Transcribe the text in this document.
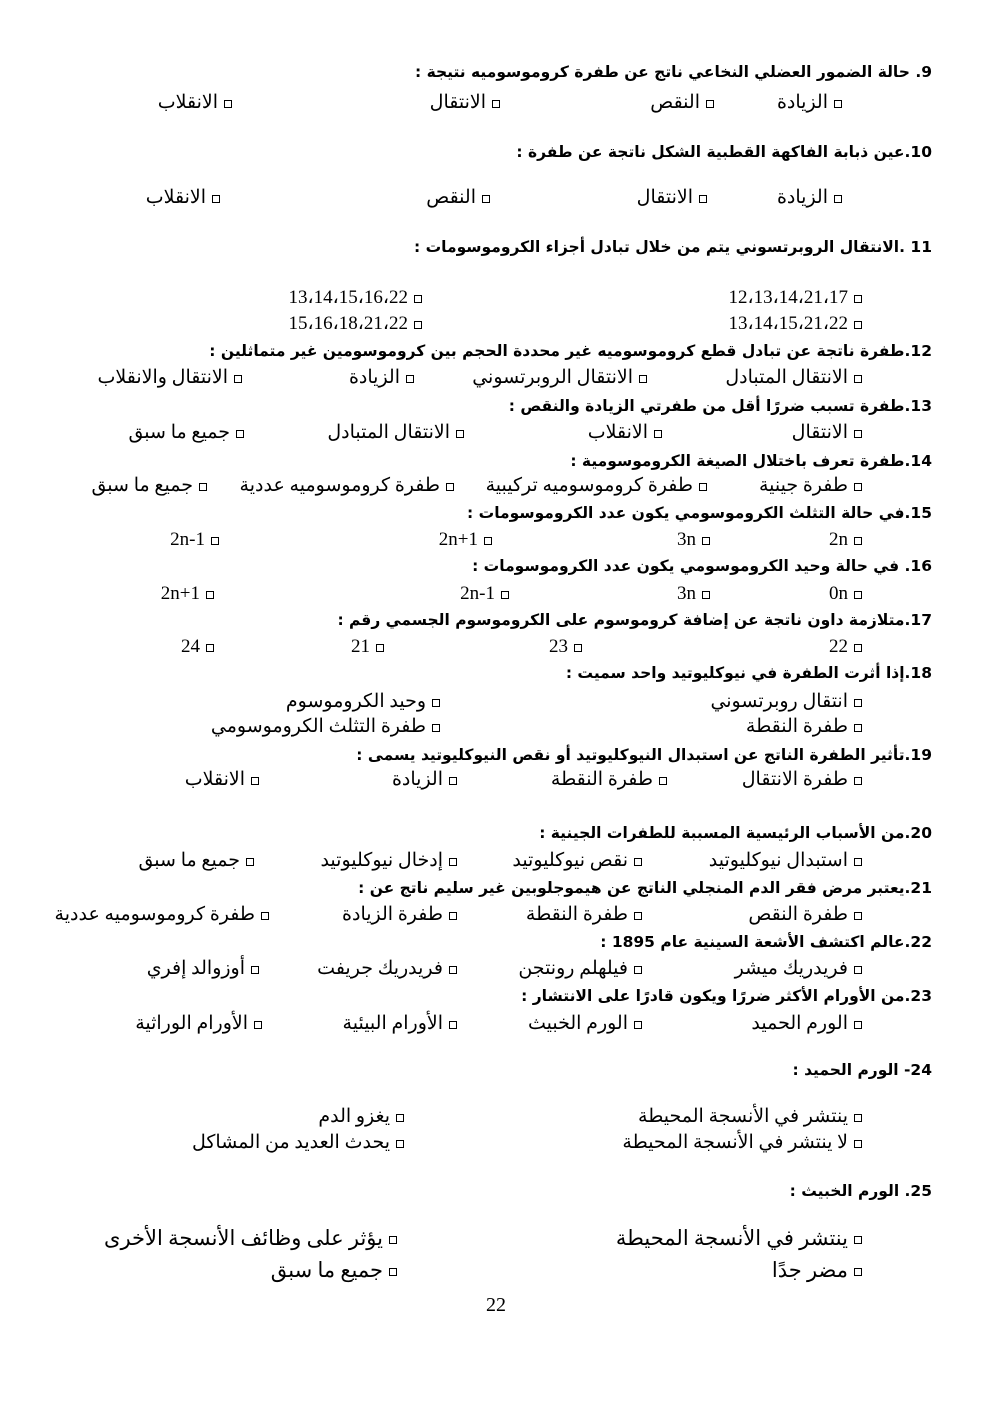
9. حالة الضمور العضلي النخاعي ناتج عن طفرة كروموسوميه نتيجة :
الزيادة
النقص
الانتقال
الانقلاب
10.عين ذبابة الفاكهة القطبية الشكل ناتجة عن طفرة :
الزيادة
الانتقال
النقص
الانقلاب
11 .الانتقال الروبرتسوني يتم من خلال تبادل أجزاء الكروموسومات :
12،13،14،21،17
13،14،15،16،22
13،14،15،21،22
15،16،18،21،22
12.طفرة ناتجة عن تبادل قطع كروموسوميه غير محددة الحجم بين كروموسومين غير متماثلين :
الانتقال المتبادل
الانتقال الروبرتسوني
الزيادة
الانتقال والانقلاب
13.طفرة تسبب ضررًا أقل من طفرتي الزيادة والنقص :
الانتقال
الانقلاب
الانتقال المتبادل
جميع ما سبق
14.طفرة تعرف باختلال الصيغة الكروموسومية :
طفرة جينية
طفرة كروموسوميه تركيبية
طفرة كروموسوميه عددية
جميع ما سبق
15.في حالة التثلث الكروموسومي يكون عدد الكروموسومات :
2n
3n
2n+1
2n-1
16. في حالة وحيد الكروموسومي يكون عدد الكروموسومات :
0n
3n
2n-1
2n+1
17.متلازمة داون ناتجة عن إضافة كروموسوم على الكروموسوم الجسمي رقم :
22
23
21
24
18.إذا أثرت الطفرة في نيوكليوتيد واحد سميت :
انتقال روبرتسوني
وحيد الكروموسوم
طفرة النقطة
طفرة التثلث الكروموسومي
19.تأثير الطفرة الناتج عن استبدال النيوكليوتيد أو نقص النيوكليوتيد يسمى :
طفرة الانتقال
طفرة النقطة
الزيادة
الانقلاب
20.من الأسباب الرئيسية المسببة للطفرات الجينية :
استبدال نيوكليوتيد
نقص نيوكليوتيد
إدخال نيوكليوتيد
جميع ما سبق
21.يعتبر مرض فقر الدم المنجلي الناتج عن هيموجلوبين غير سليم ناتج عن :
طفرة النقص
طفرة النقطة
طفرة الزيادة
طفرة كروموسوميه عددية
22.عالم اكتشف الأشعة السينية عام 1895 :
فريدريك ميشر
فيلهلم رونتجن
فريدريك جريفت
أوزوالد إفري
23.من الأورام الأكثر ضررًا ويكون قادرًا على الانتشار :
الورم الحميد
الورم الخبيث
الأورام البيئية
الأورام الوراثية
24- الورم الحميد :
ينتشر في الأنسجة المحيطة
يغزو الدم
لا ينتشر في الأنسجة المحيطة
يحدث العديد من المشاكل
25. الورم الخبيث :
ينتشر في الأنسجة المحيطة
يؤثر على وظائف الأنسجة الأخرى
مضر جدًا
جميع ما سبق
22
